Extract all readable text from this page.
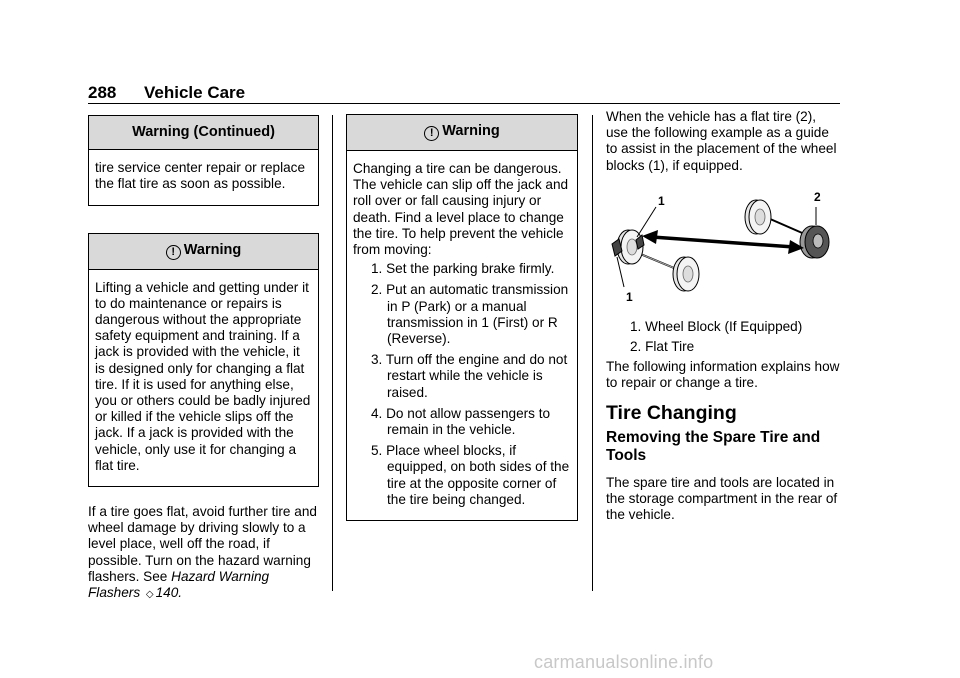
288 Vehicle Care
Warning (Continued)
tire service center repair or replace the flat tire as soon as possible.
! Warning
Lifting a vehicle and getting under it to do maintenance or repairs is dangerous without the appropriate safety equipment and training. If a jack is provided with the vehicle, it is designed only for changing a flat tire. If it is used for anything else, you or others could be badly injured or killed if the vehicle slips off the jack. If a jack is provided with the vehicle, only use it for changing a flat tire.

If a tire goes flat, avoid further tire and wheel damage by driving slowly to a level place, well off the road, if possible. Turn on the hazard warning flashers. See Hazard Warning Flashers ◇ 140.

! Warning

Changing a tire can be dangerous. The vehicle can slip off the jack and roll over or fall causing injury or death. Find a level place to change the tire. To help prevent the vehicle from moving:

1. Set the parking brake firmly.
2. Put an automatic transmission in P (Park) or a manual transmission in 1 (First) or R (Reverse).
3. Turn off the engine and do not restart while the vehicle is raised.
4. Do not allow passengers to remain in the vehicle.
5. Place wheel blocks, if equipped, on both sides of the tire at the opposite corner of the tire being changed.

When the vehicle has a flat tire (2), use the following example as a guide to assist in the placement of the wheel blocks (1), if equipped.

1
1
2
1. Wheel Block (If Equipped)
2. Flat Tire

The following information explains how to repair or change a tire.

Tire Changing
Removing the Spare Tire and Tools

The spare tire and tools are located in the storage compartment in the rear of the vehicle.

carmanualsonline.info
